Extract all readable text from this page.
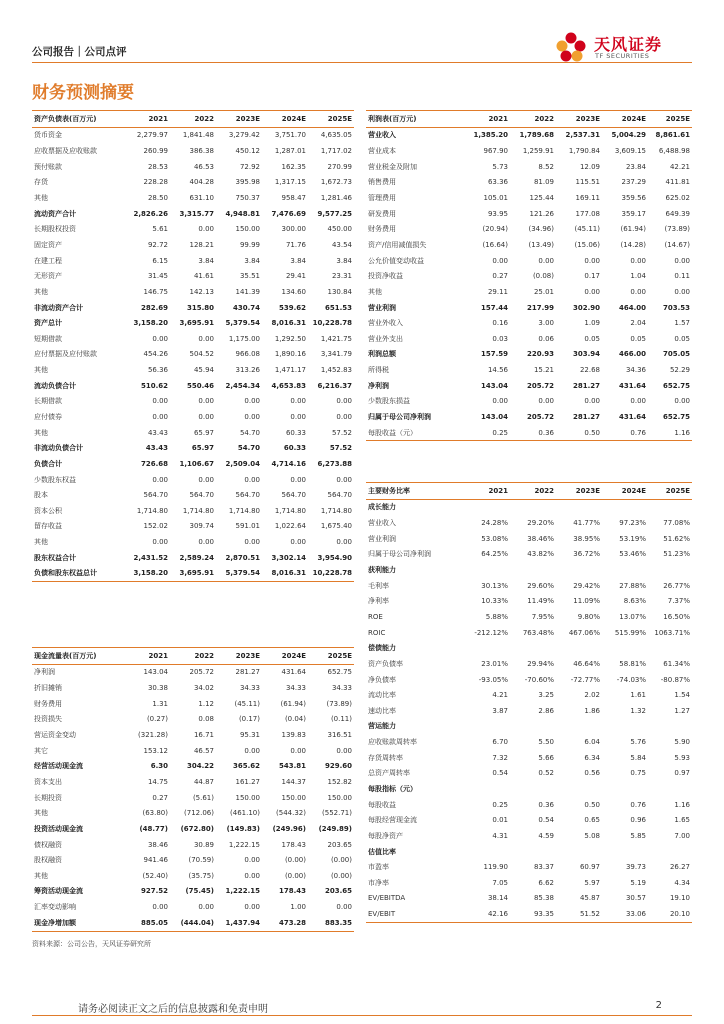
公司报告｜公司点评	天风证券
TF SECURITIES
财务预测摘要
资产负债表(百万元)	2021	2022	2023E	2024E	2025E
货币资金	2,279.97	1,841.48	3,279.42	3,751.70	4,635.05
应收票据及应收账款	260.99	386.38	450.12	1,287.01	1,717.02
预付账款	28.53	46.53	72.92	162.35	270.99
存货	228.28	404.28	395.98	1,317.15	1,672.73
其他	28.50	631.10	750.37	958.47	1,281.46
流动资产合计	2,826.26	3,315.77	4,948.81	7,476.69	9,577.25
长期股权投资	5.61	0.00	150.00	300.00	450.00
固定资产	92.72	128.21	99.99	71.76	43.54
在建工程	6.15	3.84	3.84	3.84	3.84
无形资产	31.45	41.61	35.51	29.41	23.31
其他	146.75	142.13	141.39	134.60	130.84
非流动资产合计	282.69	315.80	430.74	539.62	651.53
资产总计	3,158.20	3,695.91	5,379.54	8,016.31	10,228.78
短期借款	0.00	0.00	1,175.00	1,292.50	1,421.75
应付票据及应付账款	454.26	504.52	966.08	1,890.16	3,341.79
其他	56.36	45.94	313.26	1,471.17	1,452.83
流动负债合计	510.62	550.46	2,454.34	4,653.83	6,216.37
长期借款	0.00	0.00	0.00	0.00	0.00
应付债券	0.00	0.00	0.00	0.00	0.00
其他	43.43	65.97	54.70	60.33	57.52
非流动负债合计	43.43	65.97	54.70	60.33	57.52
负债合计	726.68	1,106.67	2,509.04	4,714.16	6,273.88
少数股东权益	0.00	0.00	0.00	0.00	0.00
股本	564.70	564.70	564.70	564.70	564.70
资本公积	1,714.80	1,714.80	1,714.80	1,714.80	1,714.80
留存收益	152.02	309.74	591.01	1,022.64	1,675.40
其他	0.00	0.00	0.00	0.00	0.00
股东权益合计	2,431.52	2,589.24	2,870.51	3,302.14	3,954.90
负债和股东权益总计	3,158.20	3,695.91	5,379.54	8,016.31	10,228.78
利润表(百万元)	2021	2022	2023E	2024E	2025E
营业收入	1,385.20	1,789.68	2,537.31	5,004.29	8,861.61
营业成本	967.90	1,259.91	1,790.84	3,609.15	6,488.98
营业税金及附加	5.73	8.52	12.09	23.84	42.21
销售费用	63.36	81.09	115.51	237.29	411.81
管理费用	105.01	125.44	169.11	359.56	625.02
研发费用	93.95	121.26	177.08	359.17	649.39
财务费用	(20.94)	(34.96)	(45.11)	(61.94)	(73.89)
资产/信用减值损失	(16.64)	(13.49)	(15.06)	(14.28)	(14.67)
公允价值变动收益	0.00	0.00	0.00	0.00	0.00
投资净收益	0.27	(0.08)	0.17	1.04	0.11
其他	29.11	25.01	0.00	0.00	0.00
营业利润	157.44	217.99	302.90	464.00	703.53
营业外收入	0.16	3.00	1.09	2.04	1.57
营业外支出	0.03	0.06	0.05	0.05	0.05
利润总额	157.59	220.93	303.94	466.00	705.05
所得税	14.56	15.21	22.68	34.36	52.29
净利润	143.04	205.72	281.27	431.64	652.75
少数股东损益	0.00	0.00	0.00	0.00	0.00
归属于母公司净利润	143.04	205.72	281.27	431.64	652.75
每股收益（元）	0.25	0.36	0.50	0.76	1.16
主要财务比率	2021	2022	2023E	2024E	2025E
成长能力					
营业收入	24.28%	29.20%	41.77%	97.23%	77.08%
营业利润	53.08%	38.46%	38.95%	53.19%	51.62%
归属于母公司净利润	64.25%	43.82%	36.72%	53.46%	51.23%
获利能力					
毛利率	30.13%	29.60%	29.42%	27.88%	26.77%
净利率	10.33%	11.49%	11.09%	8.63%	7.37%
ROE	5.88%	7.95%	9.80%	13.07%	16.50%
ROIC	-212.12%	763.48%	467.06%	515.99%	1063.71%
偿债能力					
资产负债率	23.01%	29.94%	46.64%	58.81%	61.34%
净负债率	-93.05%	-70.60%	-72.77%	-74.03%	-80.87%
流动比率	4.21	3.25	2.02	1.61	1.54
速动比率	3.87	2.86	1.86	1.32	1.27
营运能力					
应收账款周转率	6.70	5.50	6.04	5.76	5.90
存货周转率	7.32	5.66	6.34	5.84	5.93
总资产周转率	0.54	0.52	0.56	0.75	0.97
每股指标（元）					
每股收益	0.25	0.36	0.50	0.76	1.16
每股经营现金流	0.01	0.54	0.65	0.96	1.65
每股净资产	4.31	4.59	5.08	5.85	7.00
估值比率					
市盈率	119.90	83.37	60.97	39.73	26.27
市净率	7.05	6.62	5.97	5.19	4.34
EV/EBITDA	38.14	85.38	45.87	30.57	19.10
EV/EBIT	42.16	93.35	51.52	33.06	20.10
现金流量表(百万元)	2021	2022	2023E	2024E	2025E
净利润	143.04	205.72	281.27	431.64	652.75
折旧摊销	30.38	34.02	34.33	34.33	34.33
财务费用	1.31	1.12	(45.11)	(61.94)	(73.89)
投资损失	(0.27)	0.08	(0.17)	(0.04)	(0.11)
营运资金变动	(321.28)	16.71	95.31	139.83	316.51
其它	153.12	46.57	0.00	0.00	0.00
经营活动现金流	6.30	304.22	365.62	543.81	929.60
资本支出	14.75	44.87	161.27	144.37	152.82
长期投资	0.27	(5.61)	150.00	150.00	150.00
其他	(63.80)	(712.06)	(461.10)	(544.32)	(552.71)
投资活动现金流	(48.77)	(672.80)	(149.83)	(249.96)	(249.89)
债权融资	38.46	30.89	1,222.15	178.43	203.65
股权融资	941.46	(70.59)	0.00	(0.00)	(0.00)
其他	(52.40)	(35.75)	0.00	(0.00)	(0.00)
筹资活动现金流	927.52	(75.45)	1,222.15	178.43	203.65
汇率变动影响	0.00	0.00	0.00	1.00	0.00
现金净增加额	885.05	(444.04)	1,437.94	473.28	883.35
资料来源：公司公告，天风证券研究所
请务必阅读正文之后的信息披露和免责申明	2
